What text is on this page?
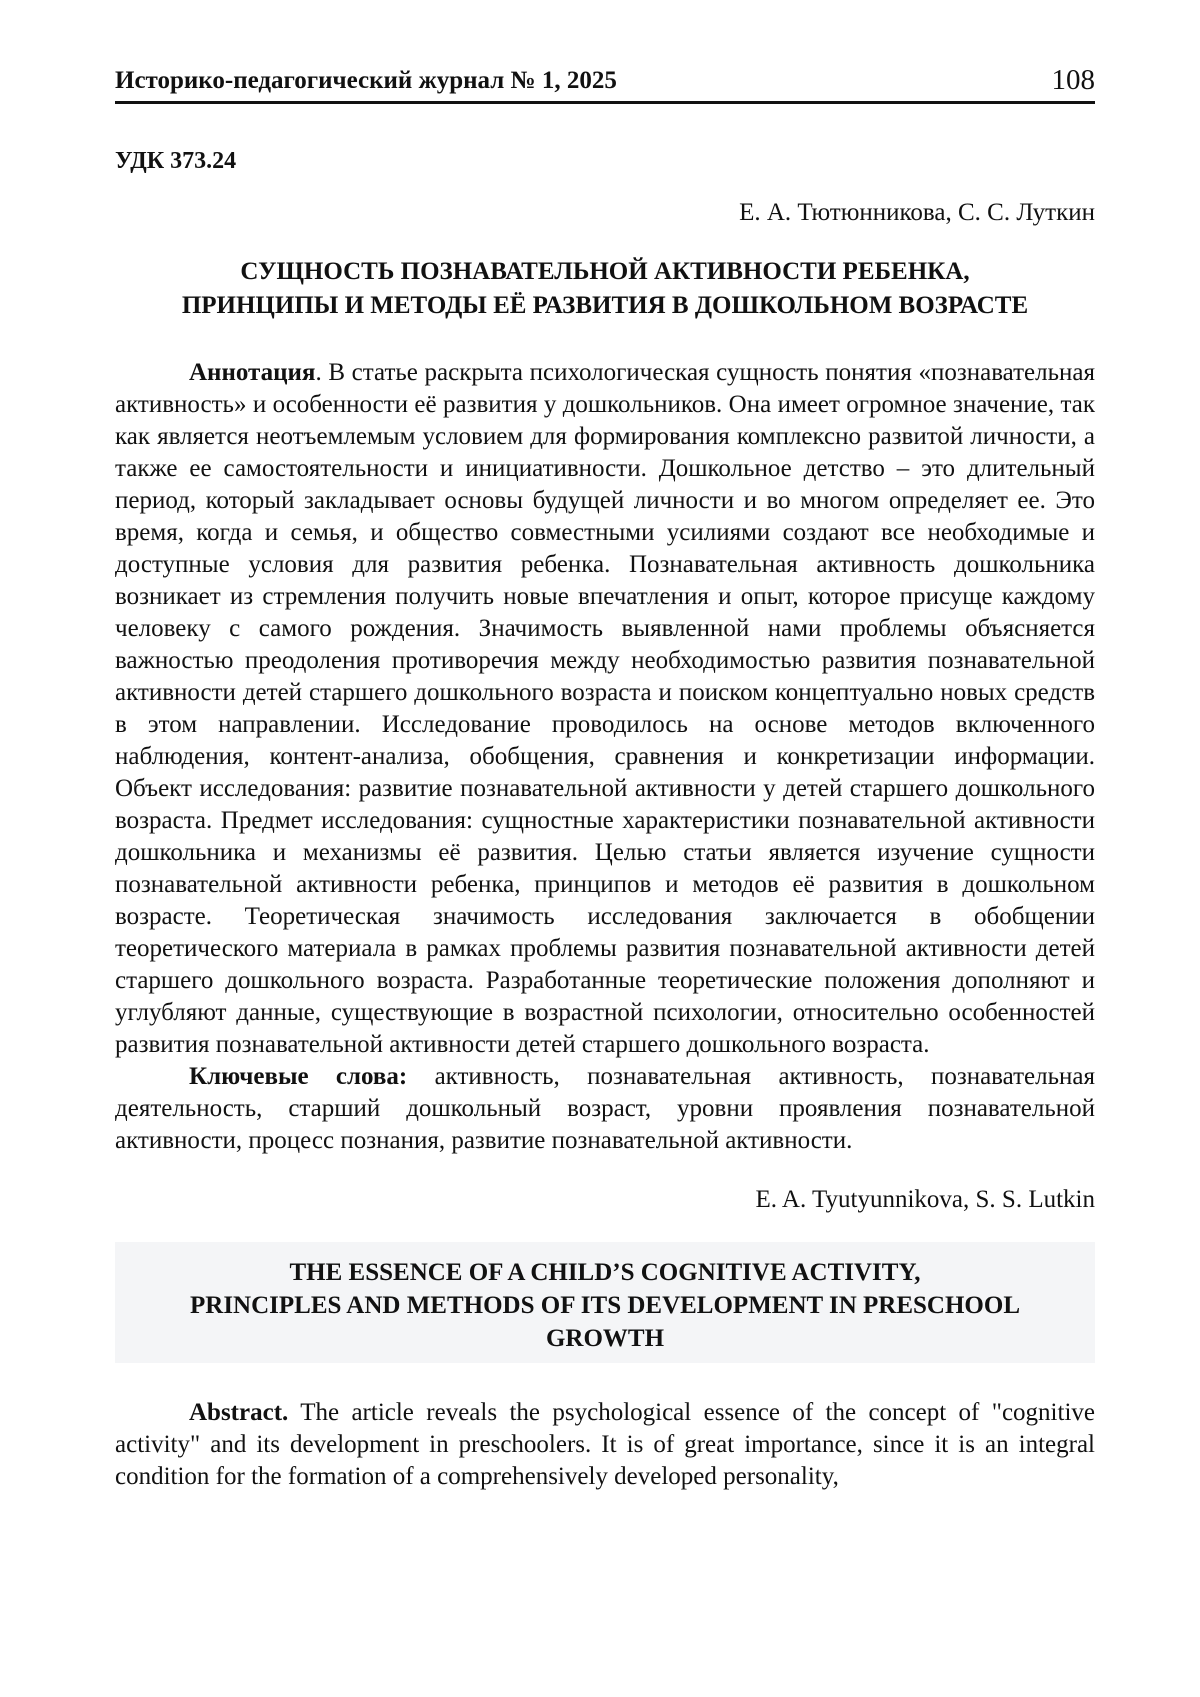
Историко-педагогический журнал № 1, 2025	108
УДК 373.24
Е. А. Тютюнникова, С. С. Луткин
СУЩНОСТЬ ПОЗНАВАТЕЛЬНОЙ АКТИВНОСТИ РЕБЕНКА,
ПРИНЦИПЫ И МЕТОДЫ ЕЁ РАЗВИТИЯ В ДОШКОЛЬНОМ ВОЗРАСТЕ

Аннотация. В статье раскрыта психологическая сущность понятия «познавательная активность» и особенности её развития у дошкольников. Она имеет огромное значение, так как является неотъемлемым условием для формирования комплексно развитой личности, а также ее самостоятельности и инициативности. Дошкольное детство – это длительный период, который закладывает основы будущей личности и во многом определяет ее. Это время, когда и семья, и общество совместными усилиями создают все необходимые и доступные условия для развития ребенка. Познавательная активность дошкольника возникает из стремления получить новые впечатления и опыт, которое присуще каждому человеку с самого рождения. Значимость выявленной нами проблемы объясняется важностью преодоления противоречия между необходимостью развития познавательной активности детей старшего дошкольного возраста и поиском концептуально новых средств в этом направлении. Исследование проводилось на основе методов включенного наблюдения, контент-анализа, обобщения, сравнения и конкретизации информации. Объект исследования: развитие познавательной активности у детей старшего дошкольного возраста. Предмет исследования: сущностные характеристики познавательной активности дошкольника и механизмы её развития. Целью статьи является изучение сущности познавательной активности ребенка, принципов и методов её развития в дошкольном возрасте. Теоретическая значимость исследования заключается в обобщении теоретического материала в рамках проблемы развития познавательной активности детей старшего дошкольного возраста. Разработанные теоретические положения дополняют и углубляют данные, существующие в возрастной психологии, относительно особенностей развития познавательной активности детей старшего дошкольного возраста.

Ключевые слова: активность, познавательная активность, познавательная деятельность, старший дошкольный возраст, уровни проявления познавательной активности, процесс познания, развитие познавательной активности.

E. A. Tyutyunnikova, S. S. Lutkin
THE ESSENCE OF A CHILD’S COGNITIVE ACTIVITY,
PRINCIPLES AND METHODS OF ITS DEVELOPMENT IN PRESCHOOL
GROWTH

Abstract. The article reveals the psychological essence of the concept of "cognitive activity" and its development in preschoolers. It is of great importance, since it is an integral condition for the formation of a comprehensively developed personality,
